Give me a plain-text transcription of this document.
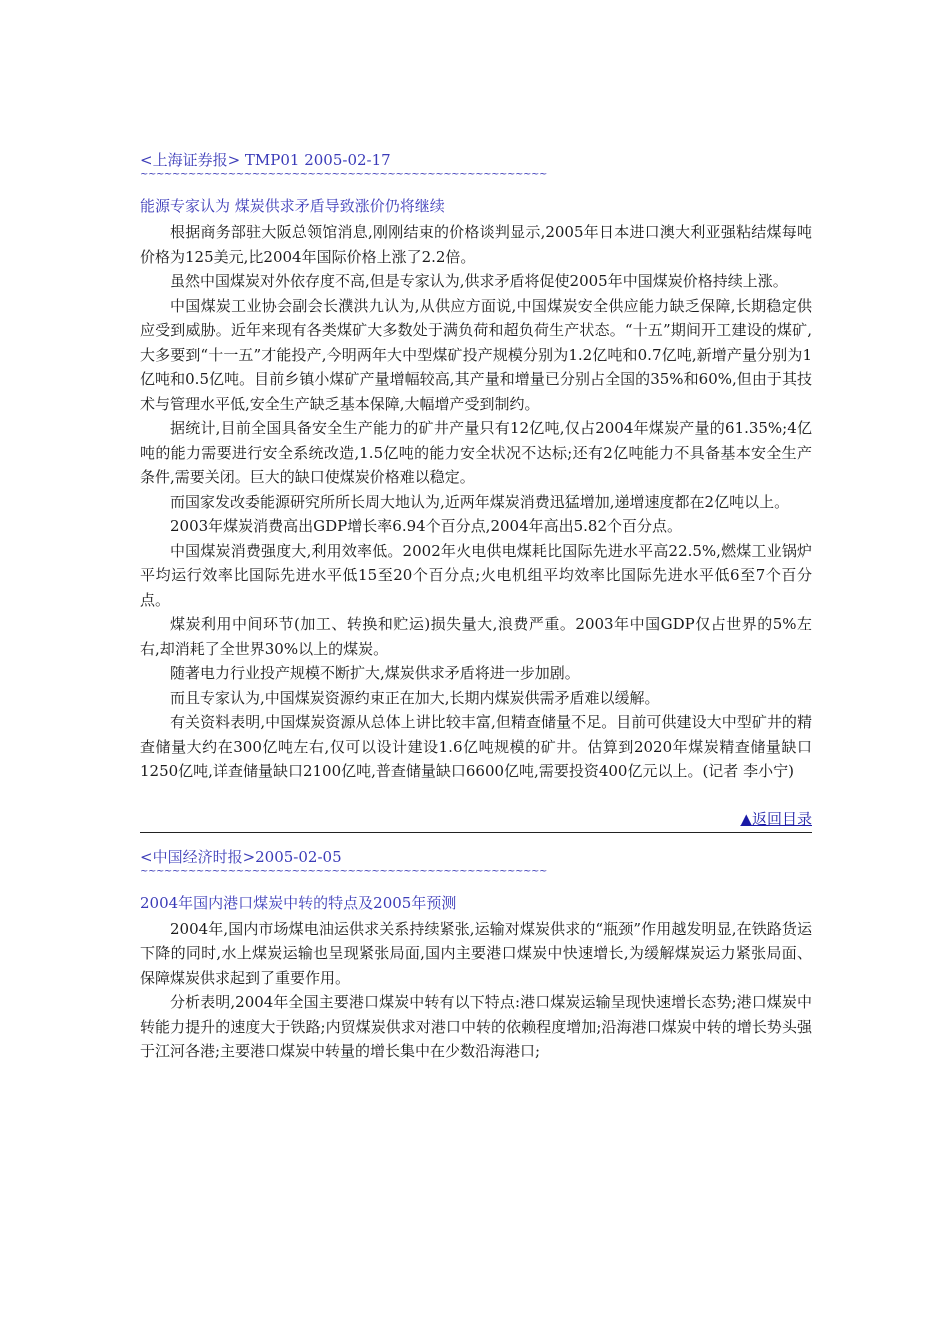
<上海证券报> TMP01 2005-02-17
~~~~~~~~~~~~~~~~~~~~~~~~~~~~~~~~~~~~~~~~~~~~~~~~~~~
能源专家认为 煤炭供求矛盾导致涨价仍将继续

根据商务部驻大阪总领馆消息,刚刚结束的价格谈判显示,2005年日本进口澳大利亚强粘结煤每吨价格为125美元,比2004年国际价格上涨了2.2倍。

虽然中国煤炭对外依存度不高,但是专家认为,供求矛盾将促使2005年中国煤炭价格持续上涨。

中国煤炭工业协会副会长濮洪九认为,从供应方面说,中国煤炭安全供应能力缺乏保障,长期稳定供应受到威胁。近年来现有各类煤矿大多数处于满负荷和超负荷生产状态。“十五”期间开工建设的煤矿,大多要到“十一五”才能投产,今明两年大中型煤矿投产规模分别为1.2亿吨和0.7亿吨,新增产量分别为1亿吨和0.5亿吨。目前乡镇小煤矿产量增幅较高,其产量和增量已分别占全国的35%和60%,但由于其技术与管理水平低,安全生产缺乏基本保障,大幅增产受到制约。

据统计,目前全国具备安全生产能力的矿井产量只有12亿吨,仅占2004年煤炭产量的61.35%;4亿吨的能力需要进行安全系统改造,1.5亿吨的能力安全状况不达标;还有2亿吨能力不具备基本安全生产条件,需要关闭。巨大的缺口使煤炭价格难以稳定。

而国家发改委能源研究所所长周大地认为,近两年煤炭消费迅猛增加,递增速度都在2亿吨以上。

2003年煤炭消费高出GDP增长率6.94个百分点,2004年高出5.82个百分点。

中国煤炭消费强度大,利用效率低。2002年火电供电煤耗比国际先进水平高22.5%,燃煤工业锅炉平均运行效率比国际先进水平低15至20个百分点;火电机组平均效率比国际先进水平低6至7个百分点。

煤炭利用中间环节(加工、转换和贮运)损失量大,浪费严重。2003年中国GDP仅占世界的5%左右,却消耗了全世界30%以上的煤炭。

随著电力行业投产规模不断扩大,煤炭供求矛盾将进一步加剧。

而且专家认为,中国煤炭资源约束正在加大,长期内煤炭供需矛盾难以缓解。

有关资料表明,中国煤炭资源从总体上讲比较丰富,但精查储量不足。目前可供建设大中型矿井的精查储量大约在300亿吨左右,仅可以设计建设1.6亿吨规模的矿井。估算到2020年煤炭精查储量缺口1250亿吨,详查储量缺口2100亿吨,普查储量缺口6600亿吨,需要投资400亿元以上。(记者 李小宁)

▲返回目录
<中国经济时报>2005-02-05
~~~~~~~~~~~~~~~~~~~~~~~~~~~~~~~~~~~~~~~~~~~~~~~~~~~
2004年国内港口煤炭中转的特点及2005年预测

2004年,国内市场煤电油运供求关系持续紧张,运输对煤炭供求的“瓶颈”作用越发明显,在铁路货运下降的同时,水上煤炭运输也呈现紧张局面,国内主要港口煤炭中快速增长,为缓解煤炭运力紧张局面、保障煤炭供求起到了重要作用。

分析表明,2004年全国主要港口煤炭中转有以下特点:港口煤炭运输呈现快速增长态势;港口煤炭中转能力提升的速度大于铁路;内贸煤炭供求对港口中转的依赖程度增加;沿海港口煤炭中转的增长势头强于江河各港;主要港口煤炭中转量的增长集中在少数沿海港口;
